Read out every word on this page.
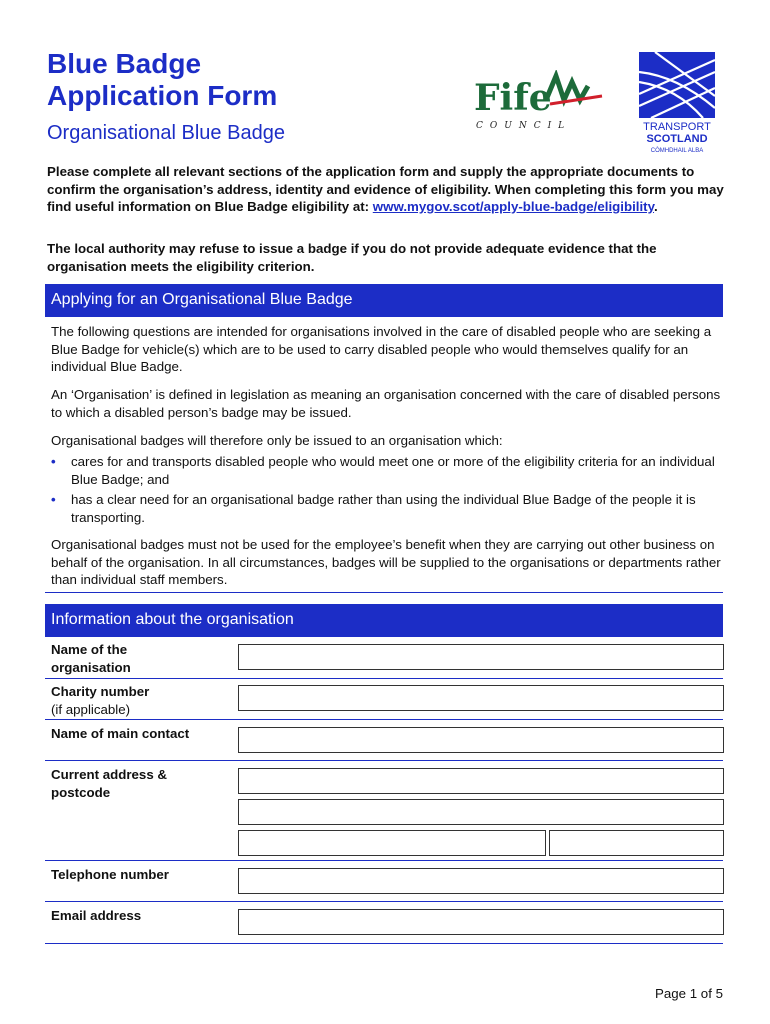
Blue Badge
Application Form
Organisational Blue Badge
Fife
COUNCIL	TRANSPORT
SCOTLAND
CÒMHDHAIL ALBA

Please complete all relevant sections of the application form and supply the appropriate documents to confirm the organisation’s address, identity and evidence of eligibility. When completing this form you may find useful information on Blue Badge eligibility at: www.mygov.scot/apply-blue-badge/eligibility.

The local authority may refuse to issue a badge if you do not provide adequate evidence that the organisation meets the eligibility criterion.

Applying for an Organisational Blue Badge

The following questions are intended for organisations involved in the care of disabled people who are seeking a Blue Badge for vehicle(s) which are to be used to carry disabled people who would themselves qualify for an individual Blue Badge.

An ‘Organisation’ is defined in legislation as meaning an organisation concerned with the care of disabled persons to which a disabled person’s badge may be issued.

Organisational badges will therefore only be issued to an organisation which:

• cares for and transports disabled people who would meet one or more of the eligibility criteria for an individual Blue Badge; and
• has a clear need for an organisational badge rather than using the individual Blue Badge of the people it is transporting.

Organisational badges must not be used for the employee’s benefit when they are carrying out other business on behalf of the organisation. In all circumstances, badges will be supplied to the organisations or departments rather than individual staff members.

Information about the organisation
Name of the organisation
Charity number
(if applicable)
Name of main contact
Current address & postcode
Telephone number
Email address
Page 1 of 5
